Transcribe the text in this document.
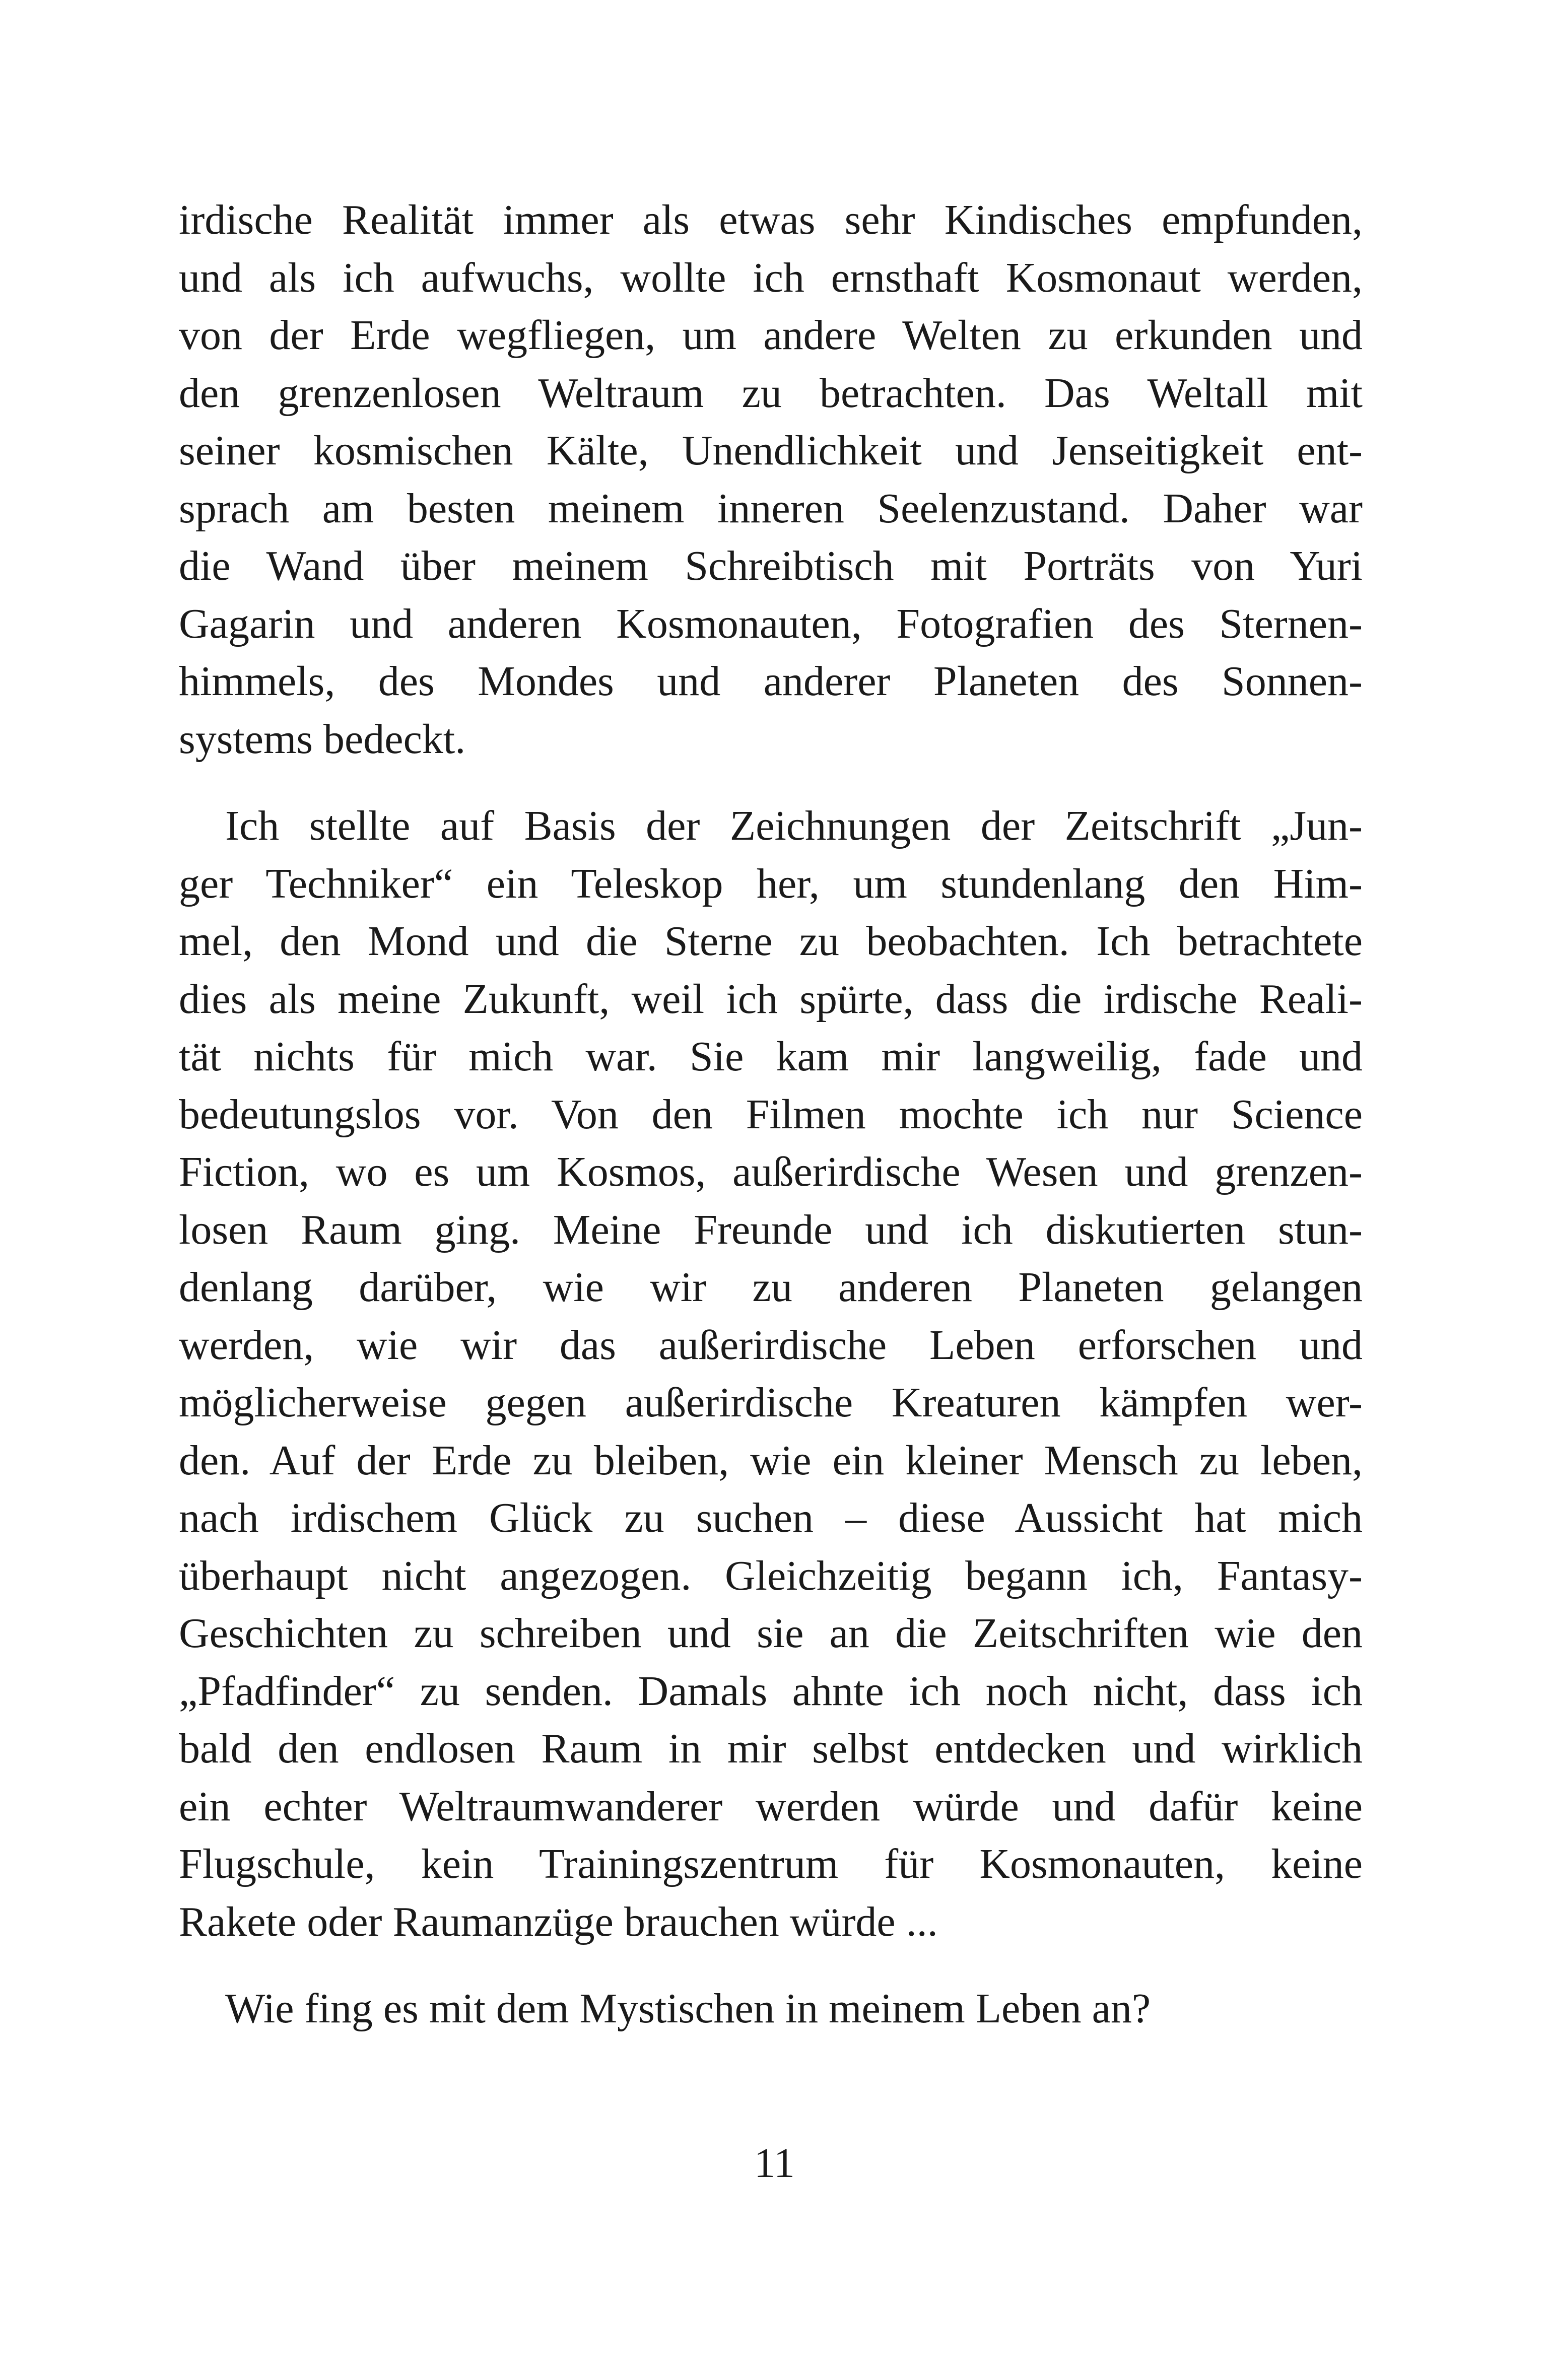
irdische Realität immer als etwas sehr Kindisches empfunden,
und als ich aufwuchs, wollte ich ernsthaft Kosmonaut werden,
von der Erde wegfliegen, um andere Welten zu erkunden und
den grenzenlosen Weltraum zu betrachten. Das Weltall mit
seiner kosmischen Kälte, Unendlichkeit und Jenseitigkeit ent-
sprach am besten meinem inneren Seelenzustand. Daher war
die Wand über meinem Schreibtisch mit Porträts von Yuri
Gagarin und anderen Kosmonauten, Fotografien des Sternen-
himmels, des Mondes und anderer Planeten des Sonnen-
systems bedeckt.
Ich stellte auf Basis der Zeichnungen der Zeitschrift „Jun-
ger Techniker“ ein Teleskop her, um stundenlang den Him-
mel, den Mond und die Sterne zu beobachten. Ich betrachtete
dies als meine Zukunft, weil ich spürte, dass die irdische Reali-
tät nichts für mich war. Sie kam mir langweilig, fade und
bedeutungslos vor. Von den Filmen mochte ich nur Science
Fiction, wo es um Kosmos, außerirdische Wesen und grenzen-
losen Raum ging. Meine Freunde und ich diskutierten stun-
denlang darüber, wie wir zu anderen Planeten gelangen
werden, wie wir das außerirdische Leben erforschen und
möglicherweise gegen außerirdische Kreaturen kämpfen wer-
den. Auf der Erde zu bleiben, wie ein kleiner Mensch zu leben,
nach irdischem Glück zu suchen – diese Aussicht hat mich
überhaupt nicht angezogen. Gleichzeitig begann ich, Fantasy-
Geschichten zu schreiben und sie an die Zeitschriften wie den
„Pfadfinder“ zu senden. Damals ahnte ich noch nicht, dass ich
bald den endlosen Raum in mir selbst entdecken und wirklich
ein echter Weltraumwanderer werden würde und dafür keine
Flugschule, kein Trainingszentrum für Kosmonauten, keine
Rakete oder Raumanzüge brauchen würde ...
Wie fing es mit dem Mystischen in meinem Leben an?
11
